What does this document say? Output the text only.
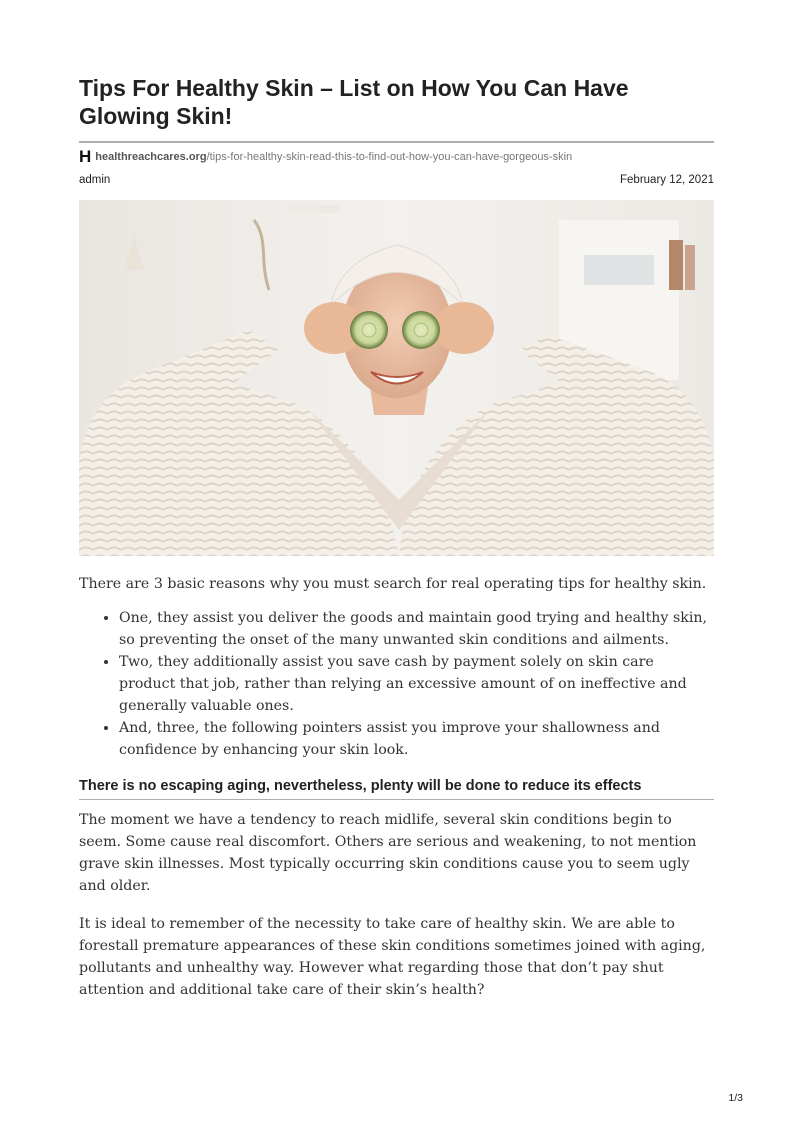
Tips For Healthy Skin – List on How You Can Have Glowing Skin!
H healthreachcares.org /tips-for-healthy-skin-read-this-to-find-out-how-you-can-have-gorgeous-skin
admin	February 12, 2021

There are 3 basic reasons why you must search for real operating tips for healthy skin.

• One, they assist you deliver the goods and maintain good trying and healthy skin, so preventing the onset of the many unwanted skin conditions and ailments.
• Two, they additionally assist you save cash by payment solely on skin care product that job, rather than relying an excessive amount of on ineffective and generally valuable ones.
• And, three, the following pointers assist you improve your shallowness and confidence by enhancing your skin look.
There is no escaping aging, nevertheless, plenty will be done to reduce its effects

The moment we have a tendency to reach midlife, several skin conditions begin to seem. Some cause real discomfort. Others are serious and weakening, to not mention grave skin illnesses. Most typically occurring skin conditions cause you to seem ugly and older.

It is ideal to remember of the necessity to take care of healthy skin. We are able to forestall premature appearances of these skin conditions sometimes joined with aging, pollutants and unhealthy way. However what regarding those that don’t pay shut attention and additional take care of their skin’s health?

1/3
